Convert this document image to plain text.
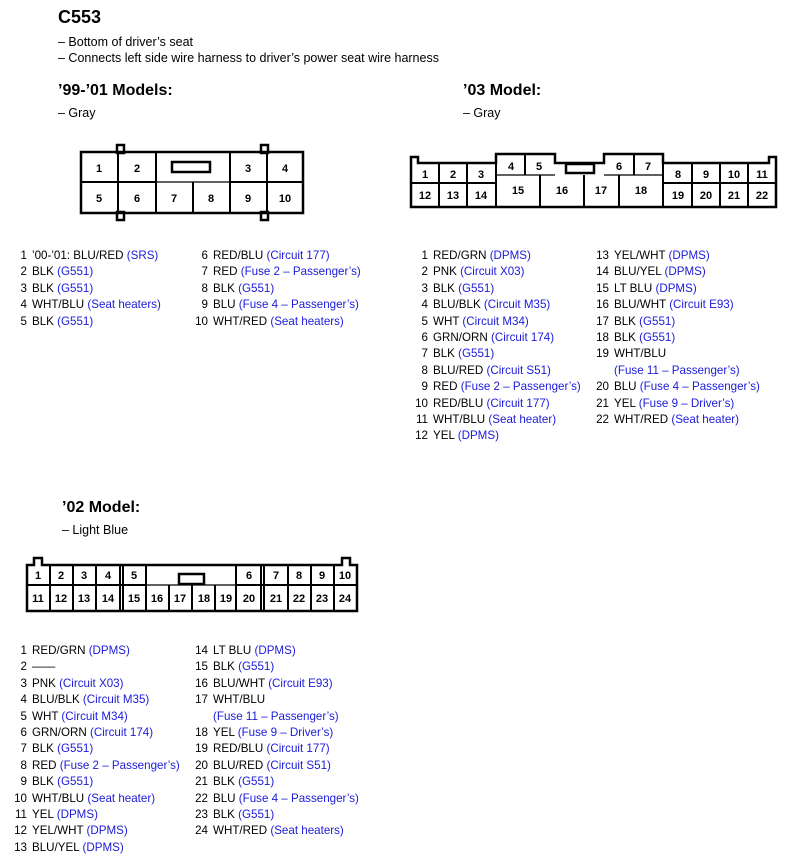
C553
– Bottom of driver’s seat
– Connects left side wire harness to driver’s power seat wire harness
’99-’01 Models:
– Gray
’03 Model:
– Gray
’02 Model:
– Light Blue
1	2	3	4
5	6	7	8	9	10
1 2 3
4 5	6 7
8 9 10 11
12 13 14 15	16 17	18 19 20 21 22
1 2 3 4 5	6 7 8 9 10
11 12 13 14 15 16 17 18 19 20 21 22 23 24
1 ’00-’01: BLU/RED (SRS)
2 BLK (G551)
3 BLK (G551)
4 WHT/BLU (Seat heaters)
5 BLK (G551)
6 RED/BLU (Circuit 177)
7 RED (Fuse 2 – Passenger’s)
8 BLK (G551)
9 BLU (Fuse 4 – Passenger’s)
10 WHT/RED (Seat heaters)
1 RED/GRN (DPMS)
2 PNK (Circuit X03)
3 BLK (G551)
4 BLU/BLK (Circuit M35)
5 WHT (Circuit M34)
6 GRN/ORN (Circuit 174)
7 BLK (G551)
8 BLU/RED (Circuit S51)
9 RED (Fuse 2 – Passenger’s)
10 RED/BLU (Circuit 177)
11 WHT/BLU (Seat heater)
12 YEL (DPMS)
13 YEL/WHT (DPMS)
14 BLU/YEL (DPMS)
15 LT BLU (DPMS)
16 BLU/WHT (Circuit E93)
17 BLK (G551)
18 BLK (G551)
19 WHT/BLU
(Fuse 11 – Passenger’s)
20 BLU (Fuse 4 – Passenger’s)
21 YEL (Fuse 9 – Driver’s)
22 WHT/RED (Seat heater)
1 RED/GRN (DPMS)
2 ——
3 PNK (Circuit X03)
4 BLU/BLK (Circuit M35)
5 WHT (Circuit M34)
6 GRN/ORN (Circuit 174)
7 BLK (G551)
8 RED (Fuse 2 – Passenger’s)
9 BLK (G551)
10 WHT/BLU (Seat heater)
11 YEL (DPMS)
12 YEL/WHT (DPMS)
13 BLU/YEL (DPMS)
14 LT BLU (DPMS)
15 BLK (G551)
16 BLU/WHT (Circuit E93)
17 WHT/BLU
(Fuse 11 – Passenger’s)
18 YEL (Fuse 9 – Driver’s)
19 RED/BLU (Circuit 177)
20 BLU/RED (Circuit S51)
21 BLK (G551)
22 BLU (Fuse 4 – Passenger’s)
23 BLK (G551)
24 WHT/RED (Seat heaters)
